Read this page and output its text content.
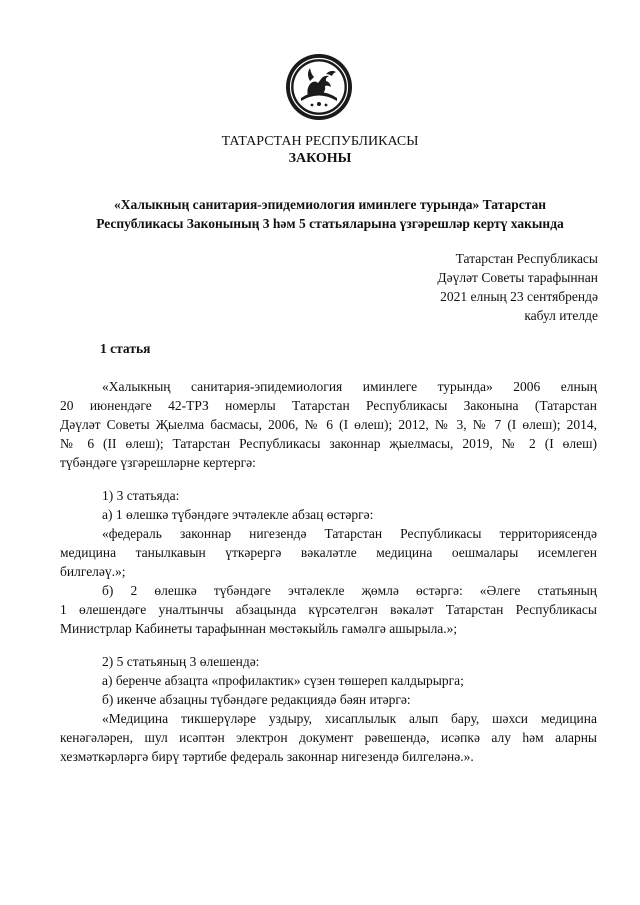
ТАТАРСТАН РЕСПУБЛИКАСЫ
ЗАКОНЫ
«Халыкның санитария-эпидемиология иминлеге турында» Татарстан
Республикасы Законының 3 һәм 5 статьяларына үзгәрешләр кертү хакында
Татарстан Республикасы
Дәүләт Советы тарафыннан
2021 елның 23 сентябрендә
кабул ителде
1 статья
«Халыкның санитария-эпидемиология иминлеге турында» 2006 елның
20 июнендәге 42-ТРЗ номерлы Татарстан Республикасы Законына (Татарстан
Дәүләт Советы Җыелма басмасы, 2006, № 6 (I өлеш); 2012, № 3, № 7 (I өлеш); 2014,
№ 6 (II өлеш); Татарстан Республикасы законнар җыелмасы, 2019, № 2 (I өлеш)
түбәндәге үзгәрешләрне кертергә:
1) 3 статьяда:
а) 1 өлешкә түбәндәге эчтәлекле абзац өстәргә:
«федераль законнар нигезендә Татарстан Республикасы территориясендә
медицина танылкавын үткәрергә вәкаләтле медицина оешмалары исемлеген
билгеләү.»;
б) 2 өлешкә түбәндәге эчтәлекле җөмлә өстәргә: «Әлеге статьяның
1 өлешендәге уналтынчы абзацында күрсәтелгән вәкаләт Татарстан Республикасы
Министрлар Кабинеты тарафыннан мөстәкыйль гамәлгә ашырыла.»;
2) 5 статьяның 3 өлешендә:
а) беренче абзацта «профилактик» сүзен төшереп калдырырга;
б) икенче абзацны түбәндәге редакциядә бәян итәргә:
«Медицина тикшерүләре уздыру, хисаплылык алып бару, шәхси медицина
кенәгәләрен, шул исәптән электрон документ рәвешендә, исәпкә алу һәм аларны
хезмәткәрләргә бирү тәртибе федераль законнар нигезендә билгеләнә.».
